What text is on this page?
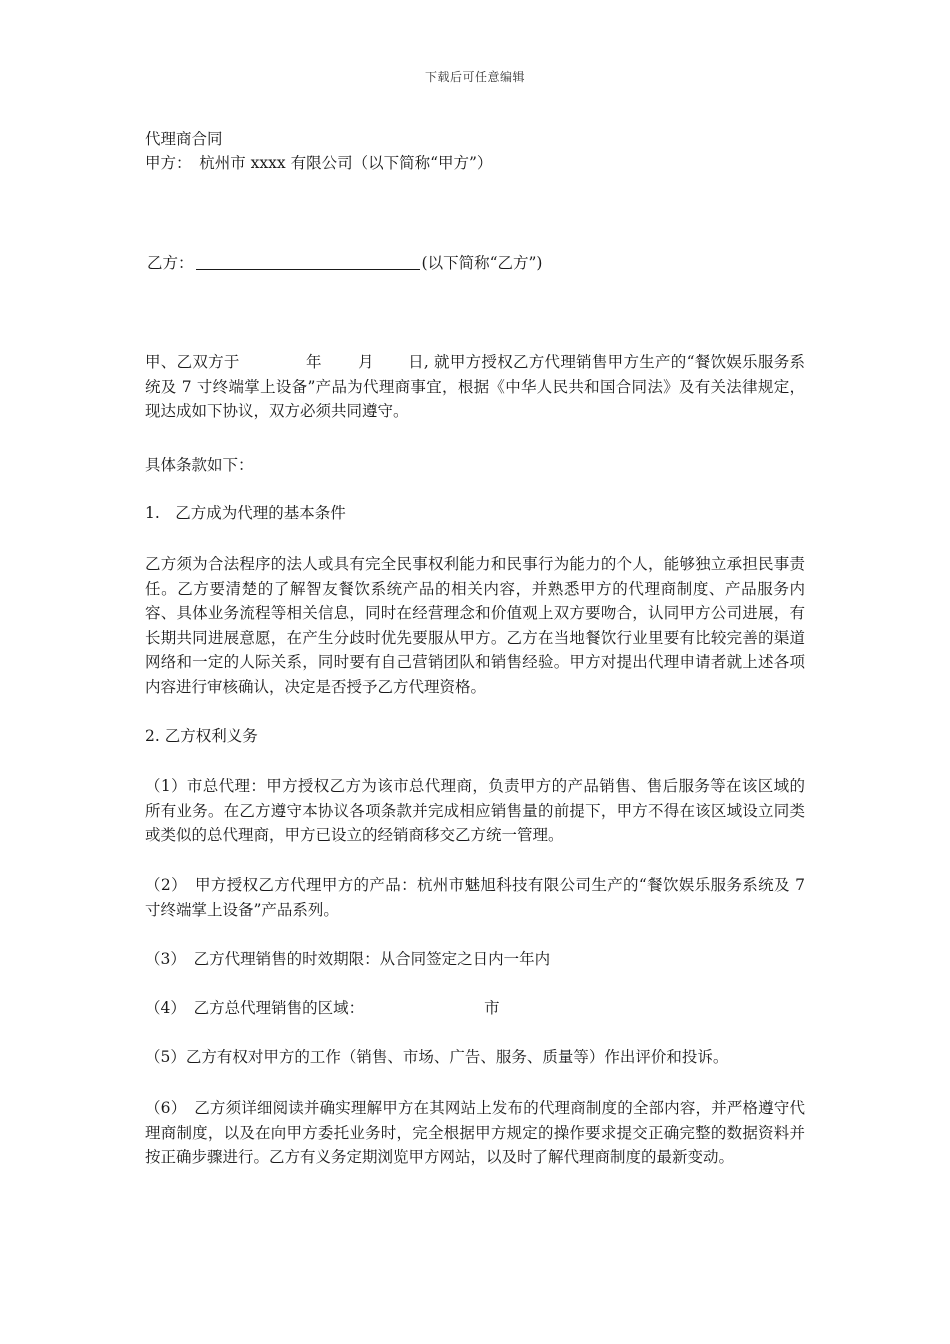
下载后可任意编辑
代理商合同
甲方：　杭州市 xxxx 有限公司（以下简称“甲方”）
乙方：	(以下简称“乙方”)
甲、乙双方于	年 月 日, 就甲方授权乙方代理销售甲方生产的“餐饮娱乐服务系统及 7 寸终端掌上设备”产品为代理商事宜，根据《中华人民共和国合同法》及有关法律规定，现达成如下协议，双方必须共同遵守。
具体条款如下：
1.　乙方成为代理的基本条件
乙方须为合法程序的法人或具有完全民事权利能力和民事行为能力的个人，能够独立承担民事责任。乙方要清楚的了解智友餐饮系统产品的相关内容，并熟悉甲方的代理商制度、产品服务内容、具体业务流程等相关信息，同时在经营理念和价值观上双方要吻合，认同甲方公司进展，有长期共同进展意愿，在产生分歧时优先要服从甲方。乙方在当地餐饮行业里要有比较完善的渠道网络和一定的人际关系，同时要有自己营销团队和销售经验。甲方对提出代理申请者就上述各项内容进行审核确认，决定是否授予乙方代理资格。
2. 乙方权利义务
（1）市总代理：甲方授权乙方为该市总代理商，负责甲方的产品销售、售后服务等在该区域的所有业务。在乙方遵守本协议各项条款并完成相应销售量的前提下，甲方不得在该区域设立同类或类似的总代理商，甲方已设立的经销商移交乙方统一管理。
（2）　甲方授权乙方代理甲方的产品：杭州市魅旭科技有限公司生产的“餐饮娱乐服务系统及 7 寸终端掌上设备”产品系列。
（3）　乙方代理销售的时效期限：从合同签定之日内一年内
（4）　乙方总代理销售的区域：	市
（5）乙方有权对甲方的工作（销售、市场、广告、服务、质量等）作出评价和投诉。
（6）　乙方须详细阅读并确实理解甲方在其网站上发布的代理商制度的全部内容，并严格遵守代理商制度，以及在向甲方委托业务时，完全根据甲方规定的操作要求提交正确完整的数据资料并按正确步骤进行。乙方有义务定期浏览甲方网站，以及时了解代理商制度的最新变动。
